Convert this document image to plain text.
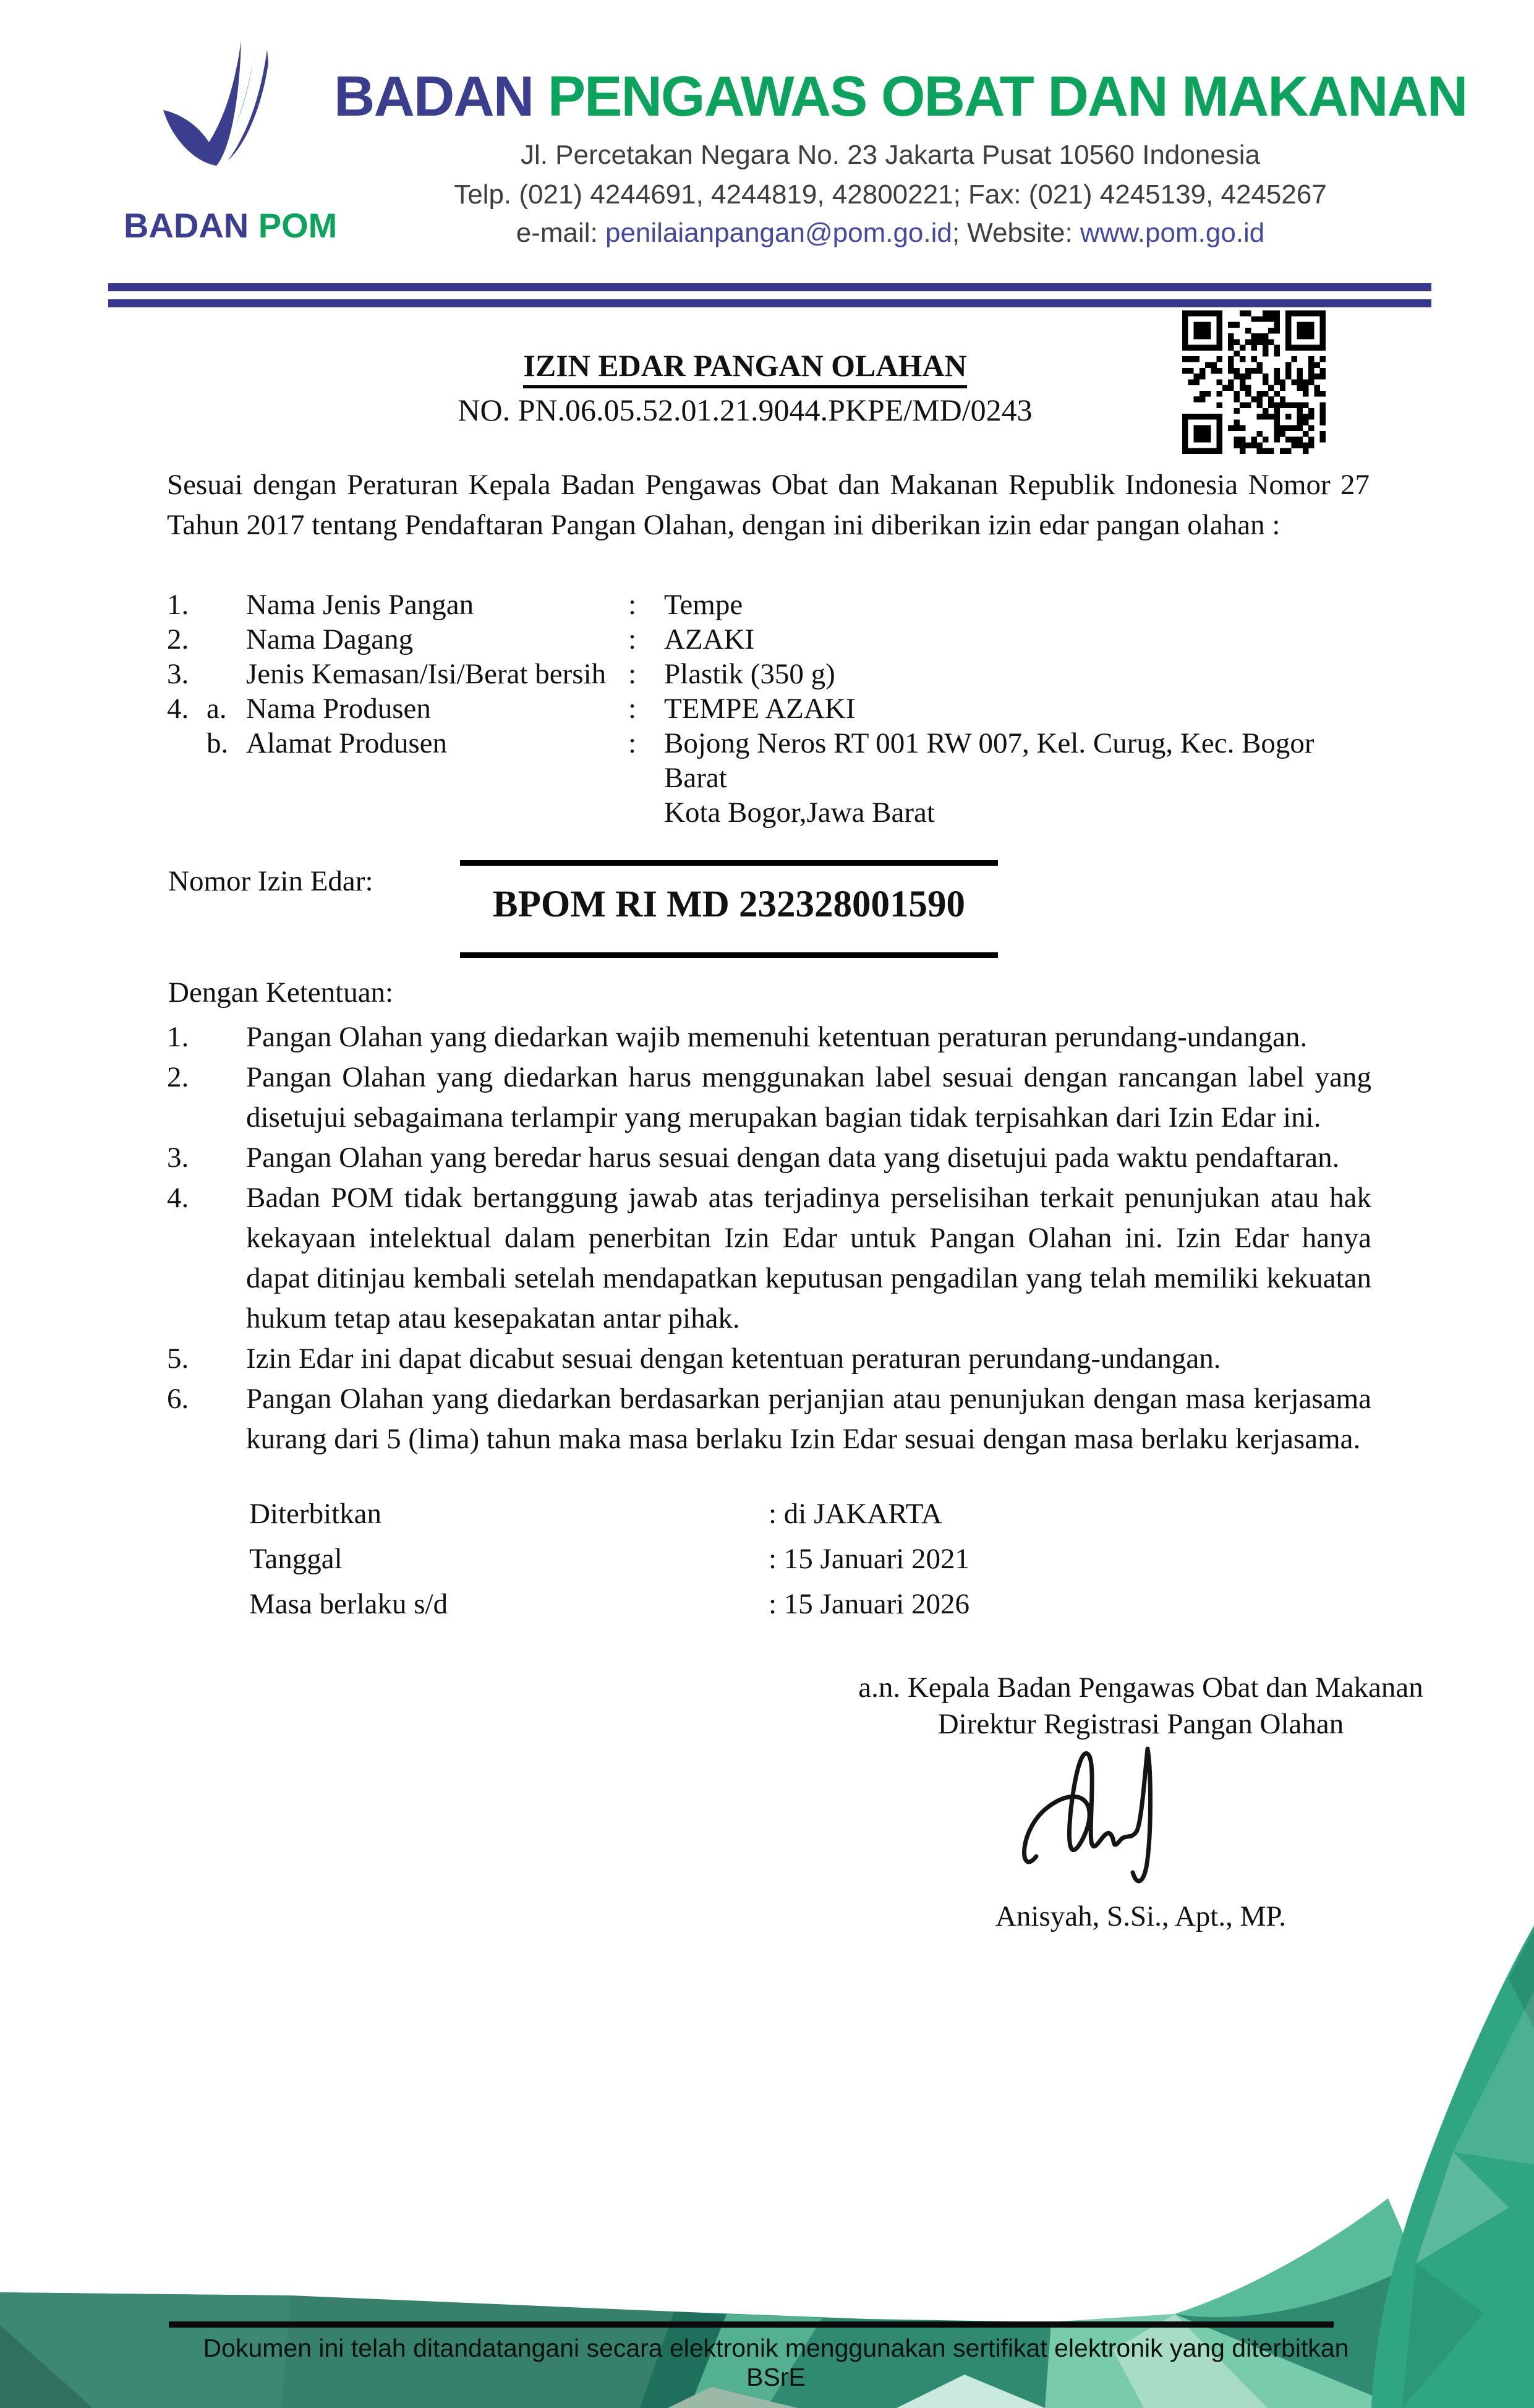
BADAN POM
BADAN PENGAWAS OBAT DAN MAKANAN
Jl. Percetakan Negara No. 23 Jakarta Pusat 10560 Indonesia
Telp. (021) 4244691, 4244819, 42800221; Fax: (021) 4245139, 4245267
e-mail: penilaianpangan@pom.go.id; Website: www.pom.go.id
IZIN EDAR PANGAN OLAHAN
NO. PN.06.05.52.01.21.9044.PKPE/MD/0243
Sesuai dengan Peraturan Kepala Badan Pengawas Obat dan Makanan Republik Indonesia Nomor 27 Tahun 2017 tentang Pendaftaran Pangan Olahan, dengan ini diberikan izin edar pangan olahan :
1.	Nama Jenis Pangan	: Tempe
2.	Nama Dagang	: AZAKI
3.	Jenis Kemasan/Isi/Berat bersih : Plastik (350 g)
4. a. Nama Produsen	: TEMPE AZAKI
b. Alamat Produsen	: Bojong Neros RT 001 RW 007, Kel. Curug, Kec. Bogor Barat
Kota Bogor,Jawa Barat
Nomor Izin Edar:
BPOM RI MD 232328001590
Dengan Ketentuan:
1.	Pangan Olahan yang diedarkan wajib memenuhi ketentuan peraturan perundang-undangan.
2.	Pangan Olahan yang diedarkan harus menggunakan label sesuai dengan rancangan label yang disetujui sebagaimana terlampir yang merupakan bagian tidak terpisahkan dari Izin Edar ini.
3.	Pangan Olahan yang beredar harus sesuai dengan data yang disetujui pada waktu pendaftaran.
4.	Badan POM tidak bertanggung jawab atas terjadinya perselisihan terkait penunjukan atau hak kekayaan intelektual dalam penerbitan Izin Edar untuk Pangan Olahan ini. Izin Edar hanya dapat ditinjau kembali setelah mendapatkan keputusan pengadilan yang telah memiliki kekuatan hukum tetap atau kesepakatan antar pihak.
5.	Izin Edar ini dapat dicabut sesuai dengan ketentuan peraturan perundang-undangan.
6.	Pangan Olahan yang diedarkan berdasarkan perjanjian atau penunjukan dengan masa kerjasama kurang dari 5 (lima) tahun maka masa berlaku Izin Edar sesuai dengan masa berlaku kerjasama.
Diterbitkan	: di JAKARTA
Tanggal	: 15 Januari 2021
Masa berlaku s/d	: 15 Januari 2026
a.n. Kepala Badan Pengawas Obat dan Makanan
Direktur Registrasi Pangan Olahan
Anisyah, S.Si., Apt., MP.
Dokumen ini telah ditandatangani secara elektronik menggunakan sertifikat elektronik yang diterbitkan BSrE
